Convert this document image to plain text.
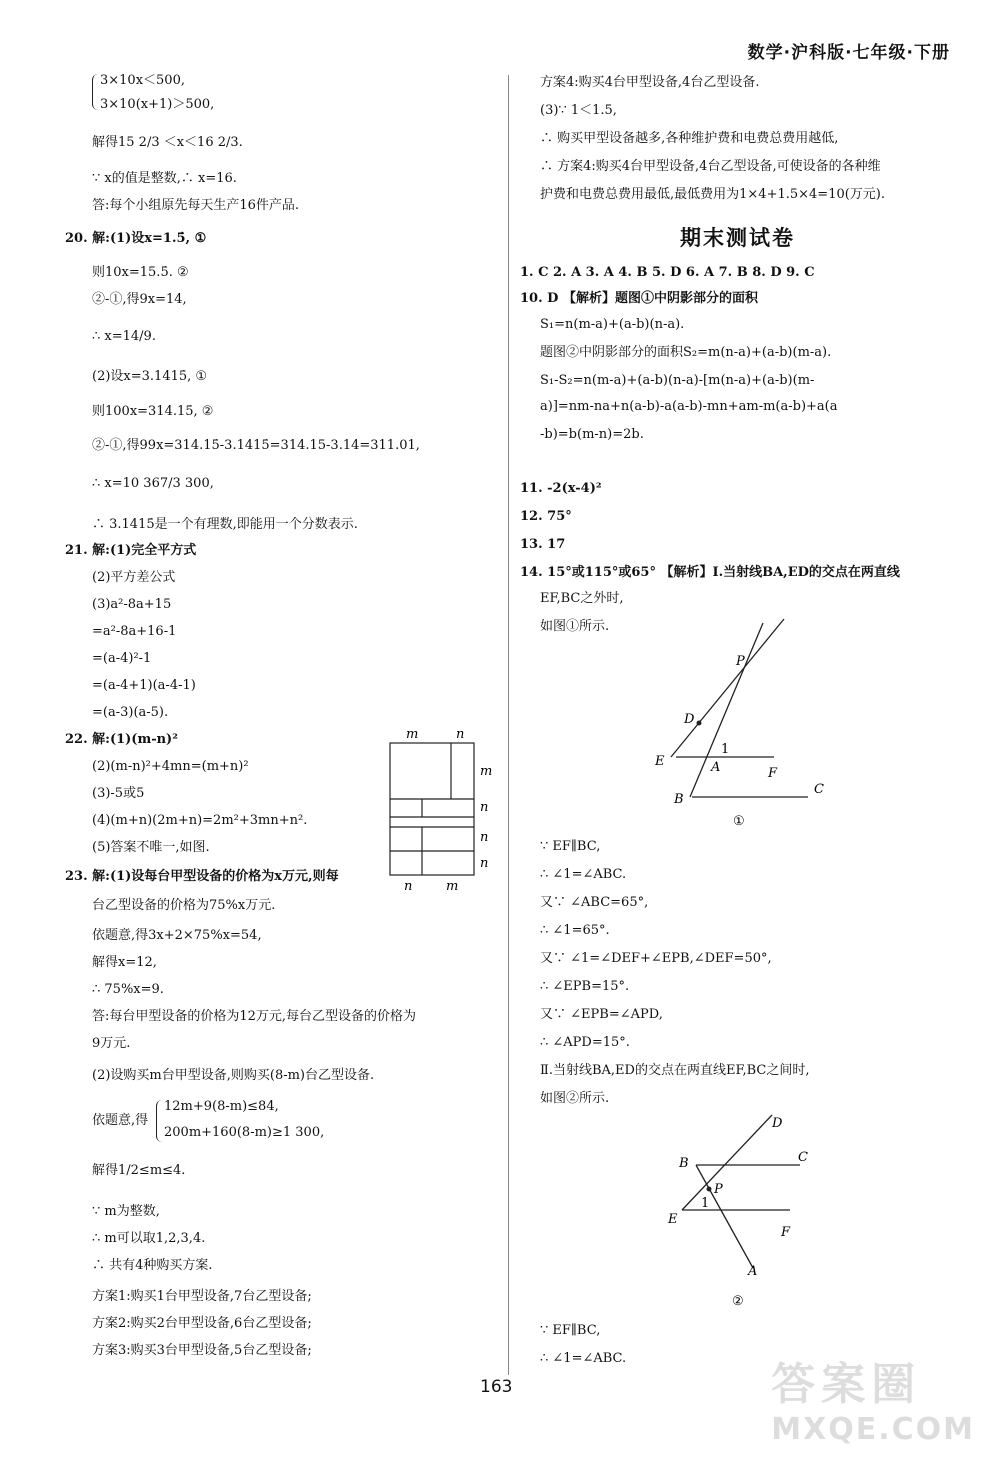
数学·沪科版·七年级·下册
3×10x＜500,
3×10(x+1)＞500,
解得15 2/3 ＜x＜16 2/3.
∵ x的值是整数,∴ x=16.
答:每个小组原先每天生产16件产品.
20. 解:(1)设x=1.5̇, ①
则10x=15.5̇. ②
②-①,得9x=14,
∴ x=14/9.
(2)设x=3.14̇15̇, ①
则100x=314.15̇, ②
②-①,得99x=314.15̇-3.1415̇=314.15-3.14=311.01,
∴ x=10 367/3 300,
∴ 3.1415̇是一个有理数,即能用一个分数表示.
21. 解:(1)完全平方式
(2)平方差公式
(3)a²-8a+15
=a²-8a+16-1
=(a-4)²-1
=(a-4+1)(a-4-1)
=(a-3)(a-5).
22. 解:(1)(m-n)²
(2)(m-n)²+4mn=(m+n)²
(3)-5或5
(4)(m+n)(2m+n)=2m²+3mn+n².
(5)答案不唯一,如图.
23. 解:(1)设每台甲型设备的价格为x万元,则每
台乙型设备的价格为75%x万元.
依题意,得3x+2×75%x=54,
解得x=12,
∴ 75%x=9.
答:每台甲型设备的价格为12万元,每台乙型设备的价格为
9万元.
(2)设购买m台甲型设备,则购买(8-m)台乙型设备.
依题意,得
12m+9(8-m)≤84,
200m+160(8-m)≥1 300,
解得1/2≤m≤4.
∵ m为整数,
∴ m可以取1,2,3,4.
∴ 共有4种购买方案.
方案1:购买1台甲型设备,7台乙型设备;
方案2:购买2台甲型设备,6台乙型设备;
方案3:购买3台甲型设备,5台乙型设备;
m	n
m
n
n
n
n	m
方案4:购买4台甲型设备,4台乙型设备.
(3)∵ 1＜1.5,
∴ 购买甲型设备越多,各种维护费和电费总费用越低,
∴ 方案4:购买4台甲型设备,4台乙型设备,可使设备的各种维
护费和电费总费用最低,最低费用为1×4+1.5×4=10(万元).
期末测试卷
1. C 2. A 3. A 4. B 5. D 6. A 7. B 8. D 9. C
10. D 【解析】题图①中阴影部分的面积
S₁=n(m-a)+(a-b)(n-a).
题图②中阴影部分的面积S₂=m(n-a)+(a-b)(m-a).
S₁-S₂=n(m-a)+(a-b)(n-a)-[m(n-a)+(a-b)(m-
a)]=nm-na+n(a-b)-a(a-b)-mn+am-m(a-b)+a(a
-b)=b(m-n)=2b.
11. -2(x-4)²
12. 75°
13. 17
14. 15°或115°或65° 【解析】Ⅰ.当射线BA,ED的交点在两直线
EF,BC之外时,
如图①所示.
∵ EF∥BC,
∴ ∠1=∠ABC.
又∵ ∠ABC=65°,
∴ ∠1=65°.
又∵ ∠1=∠DEF+∠EPB,∠DEF=50°,
∴ ∠EPB=15°.
又∵ ∠EPB=∠APD,
∴ ∠APD=15°.
Ⅱ.当射线BA,ED的交点在两直线EF,BC之间时,
如图②所示.
∵ EF∥BC,
∴ ∠1=∠ABC.
P
D
E
1
A	F
B
C
①
D
B	C
P
E
1
F
A
②
163	答案圈
MXQE.COM
